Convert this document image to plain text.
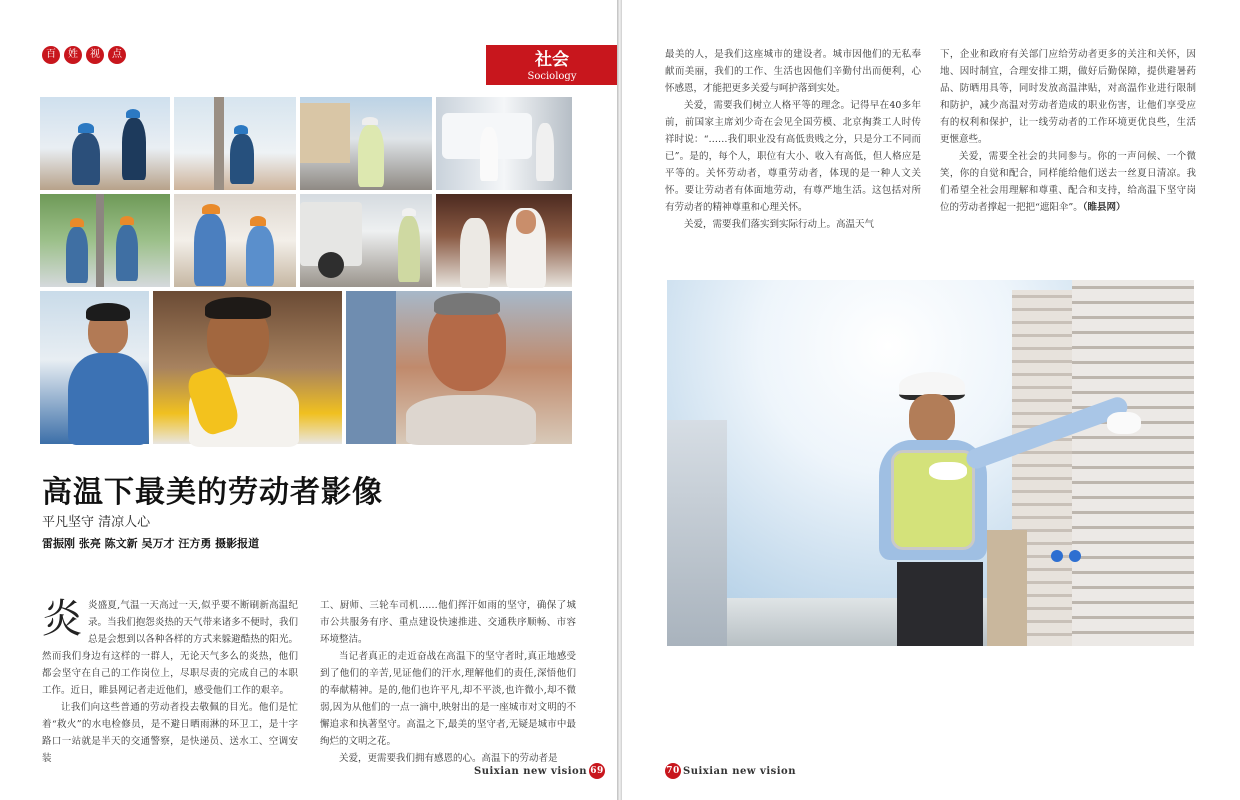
百	姓	视	点	社会
Sociology
高温下最美的劳动者影像
平凡坚守 清凉人心
雷振刚 张亮 陈文新 吴万才 汪方勇 摄影报道
炎 炎盛夏,气温一天高过一天,似乎要不断刷新高温纪录。当我们抱怨炎热的天气带来诸多不便时，我们总是会想到以各种各样的方式来躲避酷热的阳光。然而我们身边有这样的一群人，无论天气多么的炎热，他们都会坚守在自己的工作岗位上，尽职尽责的完成自己的本职工作。近日，睢县网记者走近他们，感受他们工作的艰辛。

让我们向这些普通的劳动者投去敬佩的目光。他们是忙着“救火”的水电检修员，是不避日晒雨淋的环卫工，是十字路口一站就是半天的交通警察，是快递员、送水工、空调安装

工、厨师、三轮车司机……他们挥汗如雨的坚守，确保了城市公共服务有序、重点建设快速推进、交通秩序顺畅、市容环境整洁。

当记者真正的走近奋战在高温下的坚守者时,真正地感受到了他们的辛苦,见证他们的汗水,理解他们的责任,深悟他们的奉献精神。是的,他们也许平凡,却不平淡,也许微小,却不微弱,因为从他们的一点一滴中,映射出的是一座城市对文明的不懈追求和执著坚守。高温之下,最美的坚守者,无疑是城市中最绚烂的文明之花。

关爱，更需要我们拥有感恩的心。高温下的劳动者是

Suixian new vision 69

最美的人，是我们这座城市的建设者。城市因他们的无私奉献而美丽，我们的工作、生活也因他们辛勤付出而便利，心怀感恩，才能把更多关爱与呵护落到实处。

关爱，需要我们树立人格平等的理念。记得早在40多年前，前国家主席刘少奇在会见全国劳模、北京掏粪工人时传祥时说：“……我们职业没有高低贵贱之分，只是分工不同而已”。是的，每个人，职位有大小、收入有高低，但人格应是平等的。关怀劳动者，尊重劳动者，体现的是一种人文关怀。要让劳动者有体面地劳动，有尊严地生活。这包括对所有劳动者的精神尊重和心理关怀。

关爱，需要我们落实到实际行动上。高温天气

下，企业和政府有关部门应给劳动者更多的关注和关怀，因地、因时制宜，合理安排工期，做好后勤保障，提供避暑药品、防晒用具等，同时发放高温津贴，对高温作业进行限制和防护，减少高温对劳动者造成的职业伤害，让他们享受应有的权利和保护，让一线劳动者的工作环境更优良些，生活更惬意些。

关爱，需要全社会的共同参与。你的一声问候、一个微笑，你的自觉和配合，同样能给他们送去一丝夏日清凉。我们希望全社会用理解和尊重、配合和支持，给高温下坚守岗位的劳动者撑起一把把“遮阳伞”。（睢县网）

70 Suixian new vision
